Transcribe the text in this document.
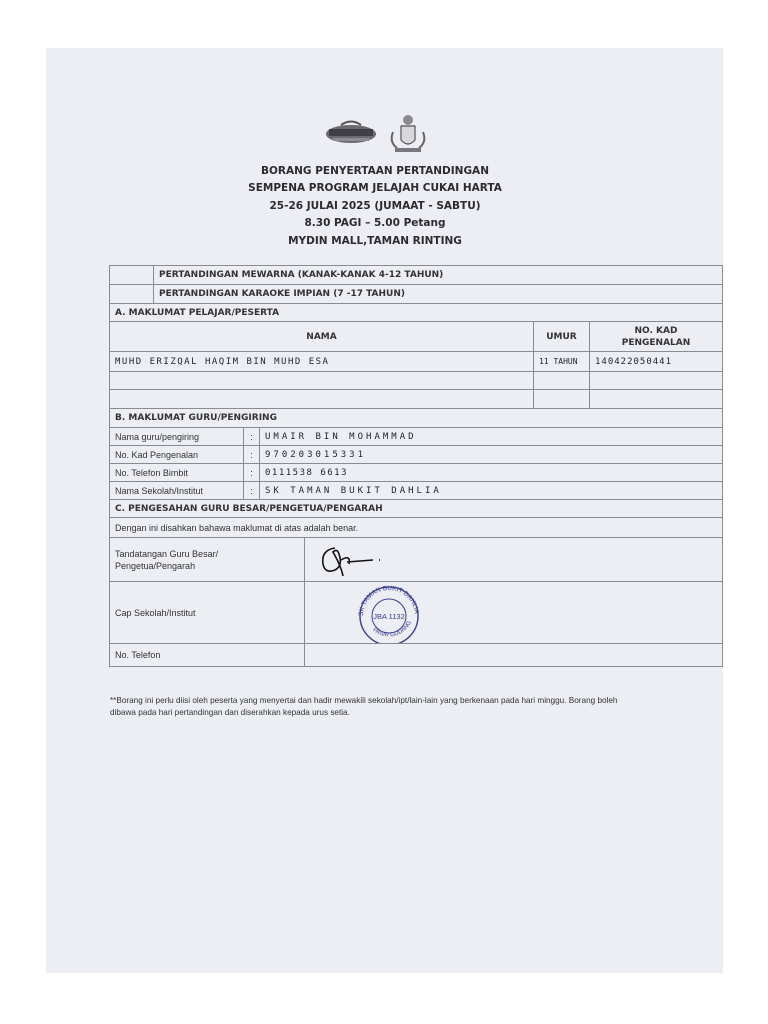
BORANG PENYERTAAN PERTANDINGAN
SEMPENA PROGRAM JELAJAH CUKAI HARTA
25-26 JULAI 2025 (JUMAAT - SABTU)
8.30 PAGI – 5.00 Petang
MYDIN MALL,TAMAN RINTING
	PERTANDINGAN MEWARNA (KANAK-KANAK 4-12 TAHUN)					
	PERTANDINGAN KARAOKE IMPIAN (7 -17 TAHUN)					
A. MAKLUMAT PELAJAR/PESERTA						
NAMA					UMUR	NO. KAD
PENGENALAN

MUHD ERIZQAL HAQIM BIN MUHD ESA					11 TAHUN	140422050441

B. MAKLUMAT GURU/PENGIRING						
Nama guru/pengiring		:	UMAIR BIN MOHAMMAD			
No. Kad Pengenalan		:	970203015331			
No. Telefon Bimbit		:	0111538 6613			
Nama Sekolah/Institut		:	SK TAMAN BUKIT DAHLIA			
C. PENGESAHAN GURU BESAR/PENGETUA/PENGARAH						
Dengan ini disahkan bahawa maklumat di atas adalah benar.						

Tandatangan Guru Besar/
Pengetua/Pengarah

Cap Sekolah/Institut				SK TAMAN BUKIT DAHLIA
PASIR GUDANG
JBA 1132		

No. Telefon						
**Borang ini perlu diisi oleh peserta yang menyertai dan hadir mewakili sekolah/ipt/lain-lain yang berkenaan pada hari minggu. Borang boleh dibawa pada hari pertandingan dan diserahkan kepada urus setia.
